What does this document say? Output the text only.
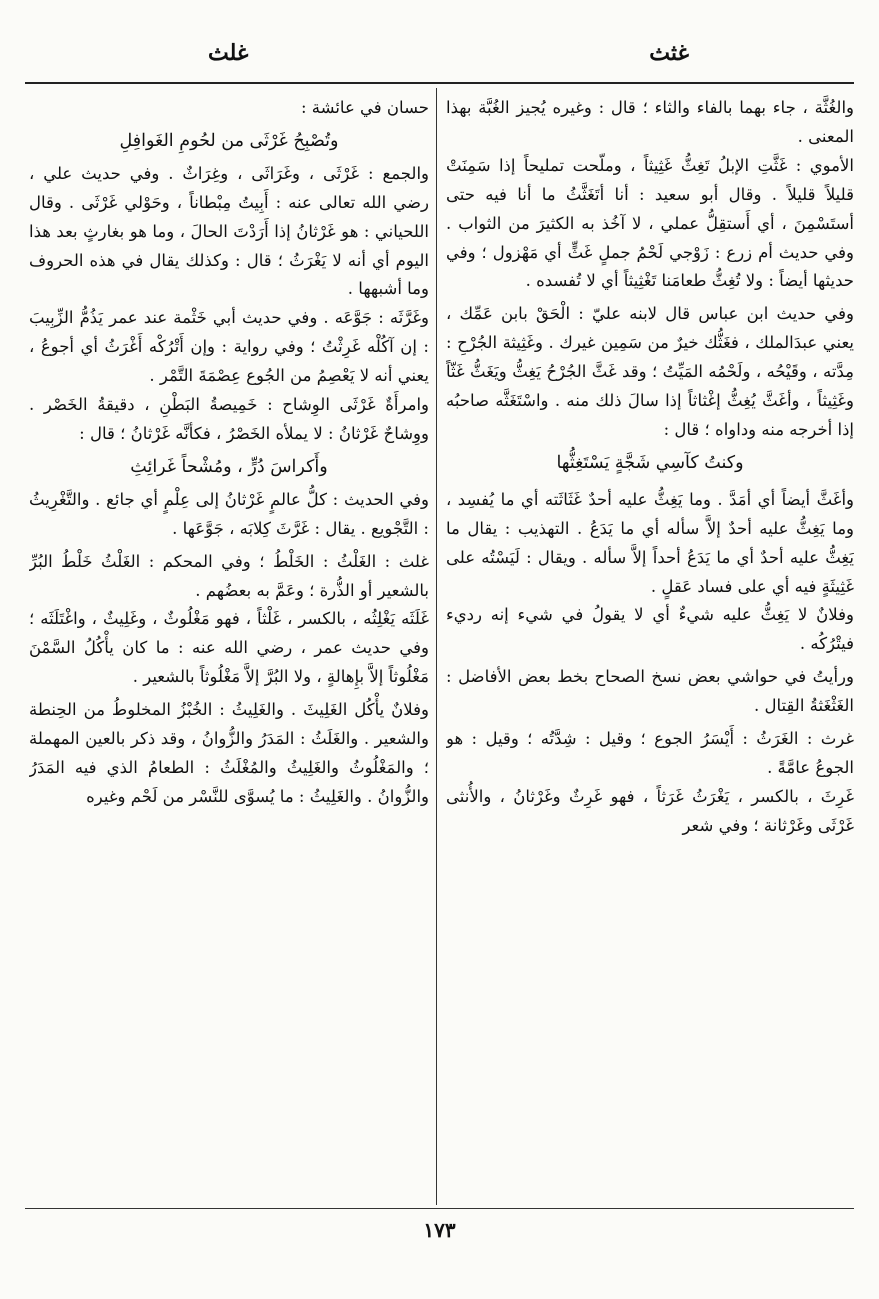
غثث
غلث

والغُثَّة ، جاء بهما بالفاء والثاء ؛ قال : وغيره يُجيز الغُبَّة بهذا المعنى .

الأموي : غَثَّتِ الإبلُ تَغِثُّ غَثِيثاً ، وملّحت تمليحاً إذا سَمِنَتْ قليلاً قليلاً . وقال أبو سعيد : أنا أتَغَثَّثُ ما أنا فيه حتى أستَسْمِنَ ، أي أَستقِلُّ عملي ، لا آخُذ به الكثيرَ من الثواب . وفي حديث أم زرع : زَوْجي لَحْمُ جملٍ غَثٍّ أي مَهْزول ؛ وفي حديثها أيضاً : ولا تُغِثُّ طعامَنا تَغْثِيثاً أي لا تُفسده .

وفي حديث ابن عباس قال لابنه عليّ : الْحَقْ بابن عَمِّك ، يعني عبدَالملك ، فغَثُّك خيرٌ من سَمِين غيرك . وغَثِيثة الجُرْحِ : مِدَّته ، وقَيْحُه ، ولَحْمُه المَيِّتُ ؛ وقد غَثَّ الجُرْحُ يَغِثُّ ويَغَثُّ غَثّاً وغَثِيثاً ، وأغَثَّ يُغِثُّ إغْثاثاً إذا سالَ ذلك منه . واسْتَغَثَّه صاحبُه إذا أخرجه منه وداواه ؛ قال :

وكنتُ كآسِي شَجَّةٍ يَسْتَغِثُّها

وأغَثَّ أيضاً أي أمَدَّ . وما يَغِثُّ عليه أحدٌ غَثَاثَته أي ما يُفسِد ، وما يَغِثُّ عليه أحدٌ إلاَّ سأله أي ما يَدَعُ . التهذيب : يقال ما يَغِثُّ عليه أحدٌ أي ما يَدَعُ أحداً إلاَّ سأله . ويقال : لَيَسْتُه على غَثِيثَةٍ فيه أي على فساد عَقلٍ .

وفلانٌ لا يَغِثُّ عليه شيءٌ أي لا يقولُ في شيء إنه رديء فيتْرُكُه .

ورأيتُ في حواشي بعض نسخ الصحاح بخط بعض الأفاضل : الغَثْغَثةُ القِتال .

غرث : الغَرَثُ : أَيْسَرُ الجوع ؛ وقيل : شِدَّتُه ؛ وقيل : هو الجوعُ عامَّةً .

غَرِثَ ، بالكسر ، يَغْرَثُ غَرَثاً ، فهو غَرِثٌ وغَرْثانُ ، والأُنثى غَرْثَى وغَرْثانة ؛ وفي شعر

حسان في عائشة :

وتُصْبِحُ غَرْثَى من لحُومِ الغَوافِلِ

والجمع : غَرْثَى ، وغَرَاثَى ، وغِرَاثٌ . وفي حديث علي ، رضي الله تعالى عنه : أَبِيتُ مِبْطاناً ، وحَوْلي غَرْثَى . وقال اللحياني : هو غَرْثانُ إذا أَرَدْتَ الحالَ ، وما هو بغارثٍ بعد هذا اليوم أي أنه لا يَغْرَثُ ؛ قال : وكذلك يقال في هذه الحروف وما أشبهها .

وغَرَّثَه : جَوَّعَه . وفي حديث أبي خَثْمة عند عمر يَذُمُّ الزِّبِيبَ : إن آكُلْه غَرِثْتُ ؛ وفي رواية : وإن أَتْرُكْه أَغْرَثُ أي أجوعُ ، يعني أنه لا يَعْصِمُ من الجُوع عِصْمَةَ التَّمْر .

وامرأَةٌ غَرْثَى الوِشاح : خَمِيصةُ البَطْنِ ، دقيقةُ الخَصْر . ووِشاحٌ غَرْثانُ : لا يملأه الخَصْرُ ، فكأنَّه غَرْثانُ ؛ قال :

وأَكراسَ دُرٍّ ، ومُشْحاً غَرائِثِ

وفي الحديث : كلُّ عالمٍ غَرْثانُ إلى عِلْمٍ أي جائع . والتَّغْرِيثُ : التَّجْويع . يقال : غَرَّثَ كِلابَه ، جَوَّعَها .

غلث : الغَلْثُ : الخَلْطُ ؛ وفي المحكم : الغَلْثُ خَلْطُ البُرِّ بالشعير أو الذُّرة ؛ وعَمَّ به بعضُهم .

غَلَثَه يَغْلِثُه ، بالكسر ، غَلْثاً ، فهو مَغْلُوثٌ ، وغَلِيثٌ ، واغْتَلَثَه ؛ وفي حديث عمر ، رضي الله عنه : ما كان يأْكُلُ السَّمْنَ مَغْلُوثاً إلاَّ بإِهالةٍ ، ولا البُرَّ إلاَّ مَغْلُوثاً بالشعير .

وفلانٌ يأْكُل الغَلِيثَ . والغَلِيثُ : الخُبْزُ المخلوطُ من الحِنطة والشعير . والغَلَثُ : المَدَرُ والزُّوانُ ، وقد ذكر بالعين المهملة ؛ والمَغْلُوثُ والغَلِيثُ والمُغْلَثُ : الطعامُ الذي فيه المَدَرُ والزُّوانُ . والغَلِيثُ : ما يُسوَّى للنَّسْر من لَحْم وغيره

١٧٣
